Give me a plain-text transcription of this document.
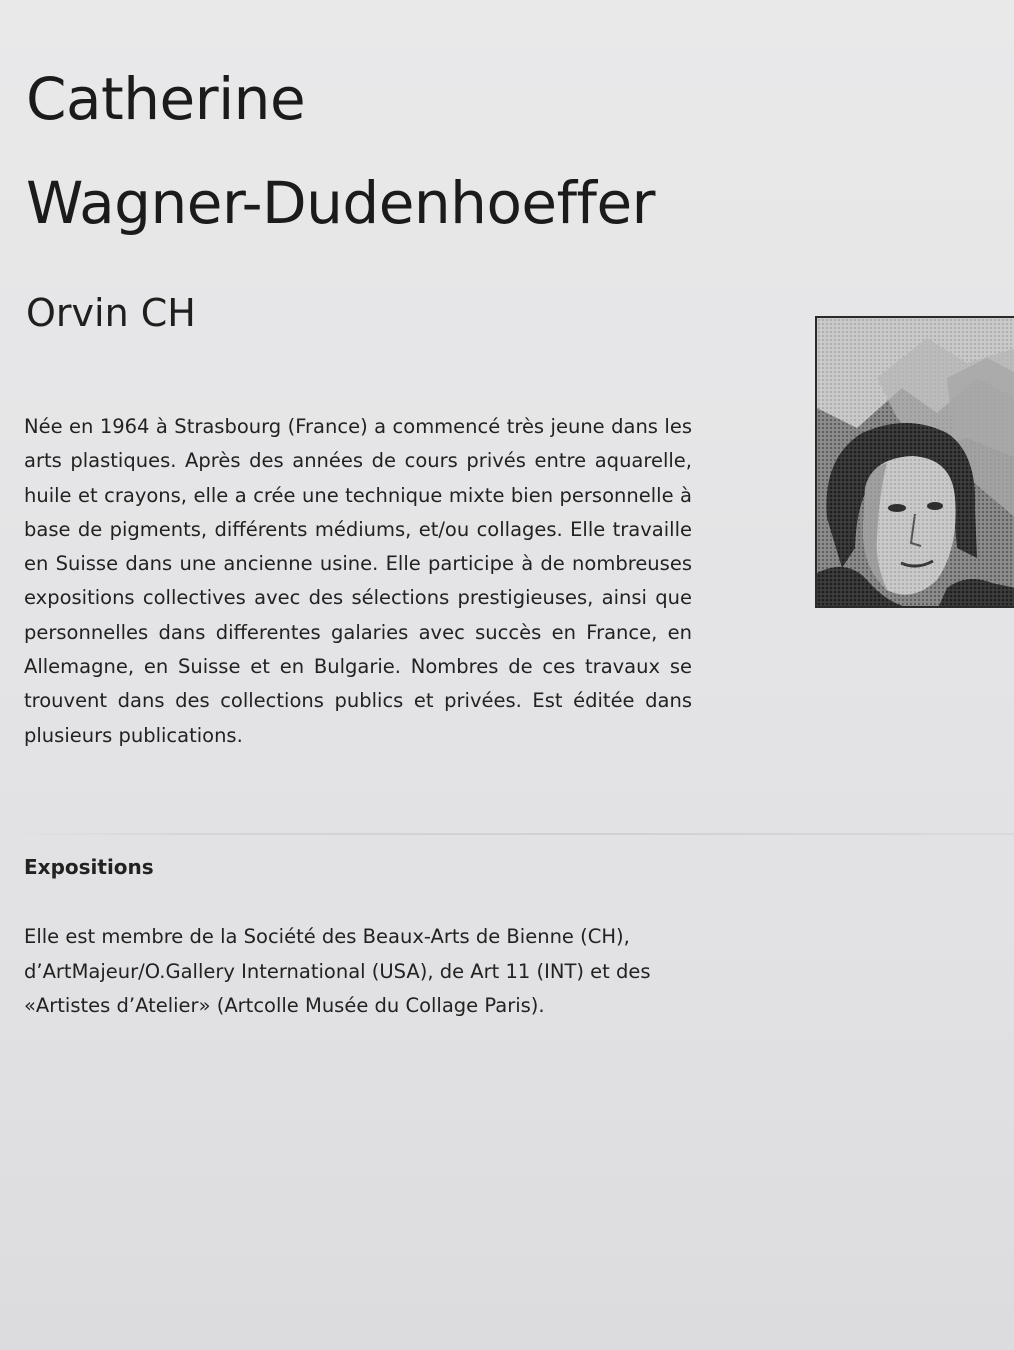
Catherine
Wagner-Dudenhoeffer
Orvin CH

Née en 1964 à Strasbourg (France) a commencé très jeune dans les arts plastiques. Après des années de cours privés entre aquarelle, huile et crayons, elle a crée une technique mixte bien personnelle à base de pigments, différents médiums, et/ou collages. Elle travaille en Suisse dans une ancienne usine. Elle participe à de nombreuses expositions collectives avec des sélections prestigieuses, ainsi que personnelles dans differentes galaries avec succès en France, en Allemagne, en Suisse et en Bulgarie. Nombres de ces travaux se trouvent dans des collections publics et privées. Est éditée dans plusieurs publications.

Expositions

Elle est membre de la Société des Beaux-Arts de Bienne (CH), d’ArtMajeur/O.Gallery International (USA), de Art 11 (INT) et des «Artistes d’Atelier» (Artcolle Musée du Collage Paris).
